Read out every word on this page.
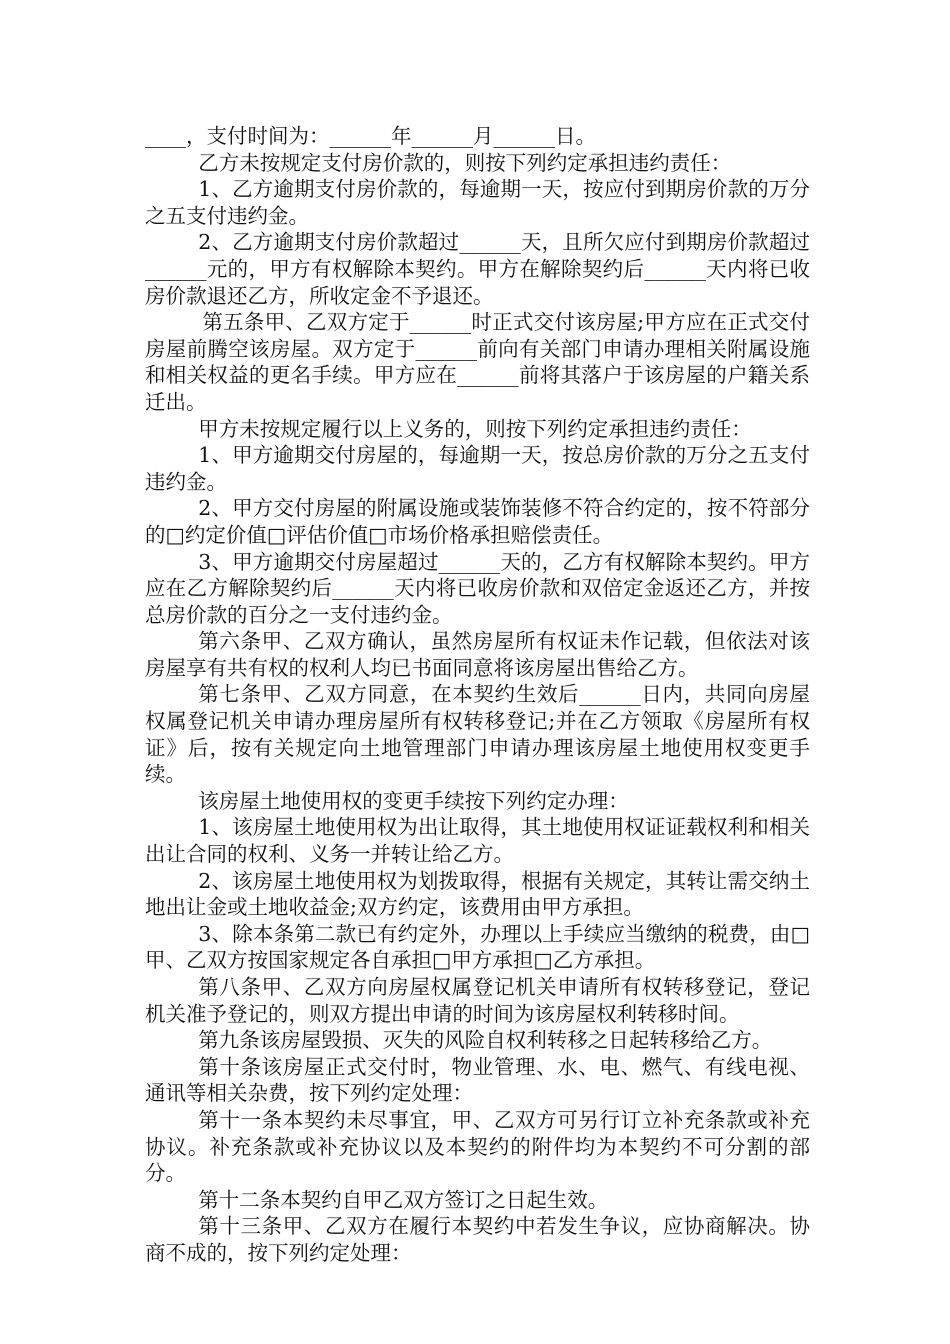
____，支付时间为：______年______月______日。

乙方未按规定支付房价款的，则按下列约定承担违约责任：

1、乙方逾期支付房价款的，每逾期一天，按应付到期房价款的万分之五支付违约金。

2、乙方逾期支付房价款超过______天，且所欠应付到期房价款超过______元的，甲方有权解除本契约。甲方在解除契约后______天内将已收房价款退还乙方，所收定金不予退还。

第五条甲、乙双方定于______时正式交付该房屋;甲方应在正式交付房屋前腾空该房屋。双方定于______前向有关部门申请办理相关附属设施和相关权益的更名手续。甲方应在______前将其落户于该房屋的户籍关系迁出。

甲方未按规定履行以上义务的，则按下列约定承担违约责任：

1、甲方逾期交付房屋的，每逾期一天，按总房价款的万分之五支付违约金。

2、甲方交付房屋的附属设施或装饰装修不符合约定的，按不符部分的□约定价值□评估价值□市场价格承担赔偿责任。

3、甲方逾期交付房屋超过______天的，乙方有权解除本契约。甲方应在乙方解除契约后______天内将已收房价款和双倍定金返还乙方，并按总房价款的百分之一支付违约金。

第六条甲、乙双方确认，虽然房屋所有权证未作记载，但依法对该房屋享有共有权的权利人均已书面同意将该房屋出售给乙方。

第七条甲、乙双方同意，在本契约生效后______日内，共同向房屋权属登记机关申请办理房屋所有权转移登记;并在乙方领取《房屋所有权证》后，按有关规定向土地管理部门申请办理该房屋土地使用权变更手续。

该房屋土地使用权的变更手续按下列约定办理：

1、该房屋土地使用权为出让取得，其土地使用权证证载权利和相关出让合同的权利、义务一并转让给乙方。

2、该房屋土地使用权为划拨取得，根据有关规定，其转让需交纳土地出让金或土地收益金;双方约定，该费用由甲方承担。

3、除本条第二款已有约定外，办理以上手续应当缴纳的税费，由□甲、乙双方按国家规定各自承担□甲方承担□乙方承担。

第八条甲、乙双方向房屋权属登记机关申请所有权转移登记，登记机关准予登记的，则双方提出申请的时间为该房屋权利转移时间。

第九条该房屋毁损、灭失的风险自权利转移之日起转移给乙方。

第十条该房屋正式交付时，物业管理、水、电、燃气、有线电视、通讯等相关杂费，按下列约定处理：

第十一条本契约未尽事宜，甲、乙双方可另行订立补充条款或补充协议。补充条款或补充协议以及本契约的附件均为本契约不可分割的部分。

第十二条本契约自甲乙双方签订之日起生效。

第十三条甲、乙双方在履行本契约中若发生争议，应协商解决。协商不成的，按下列约定处理：
